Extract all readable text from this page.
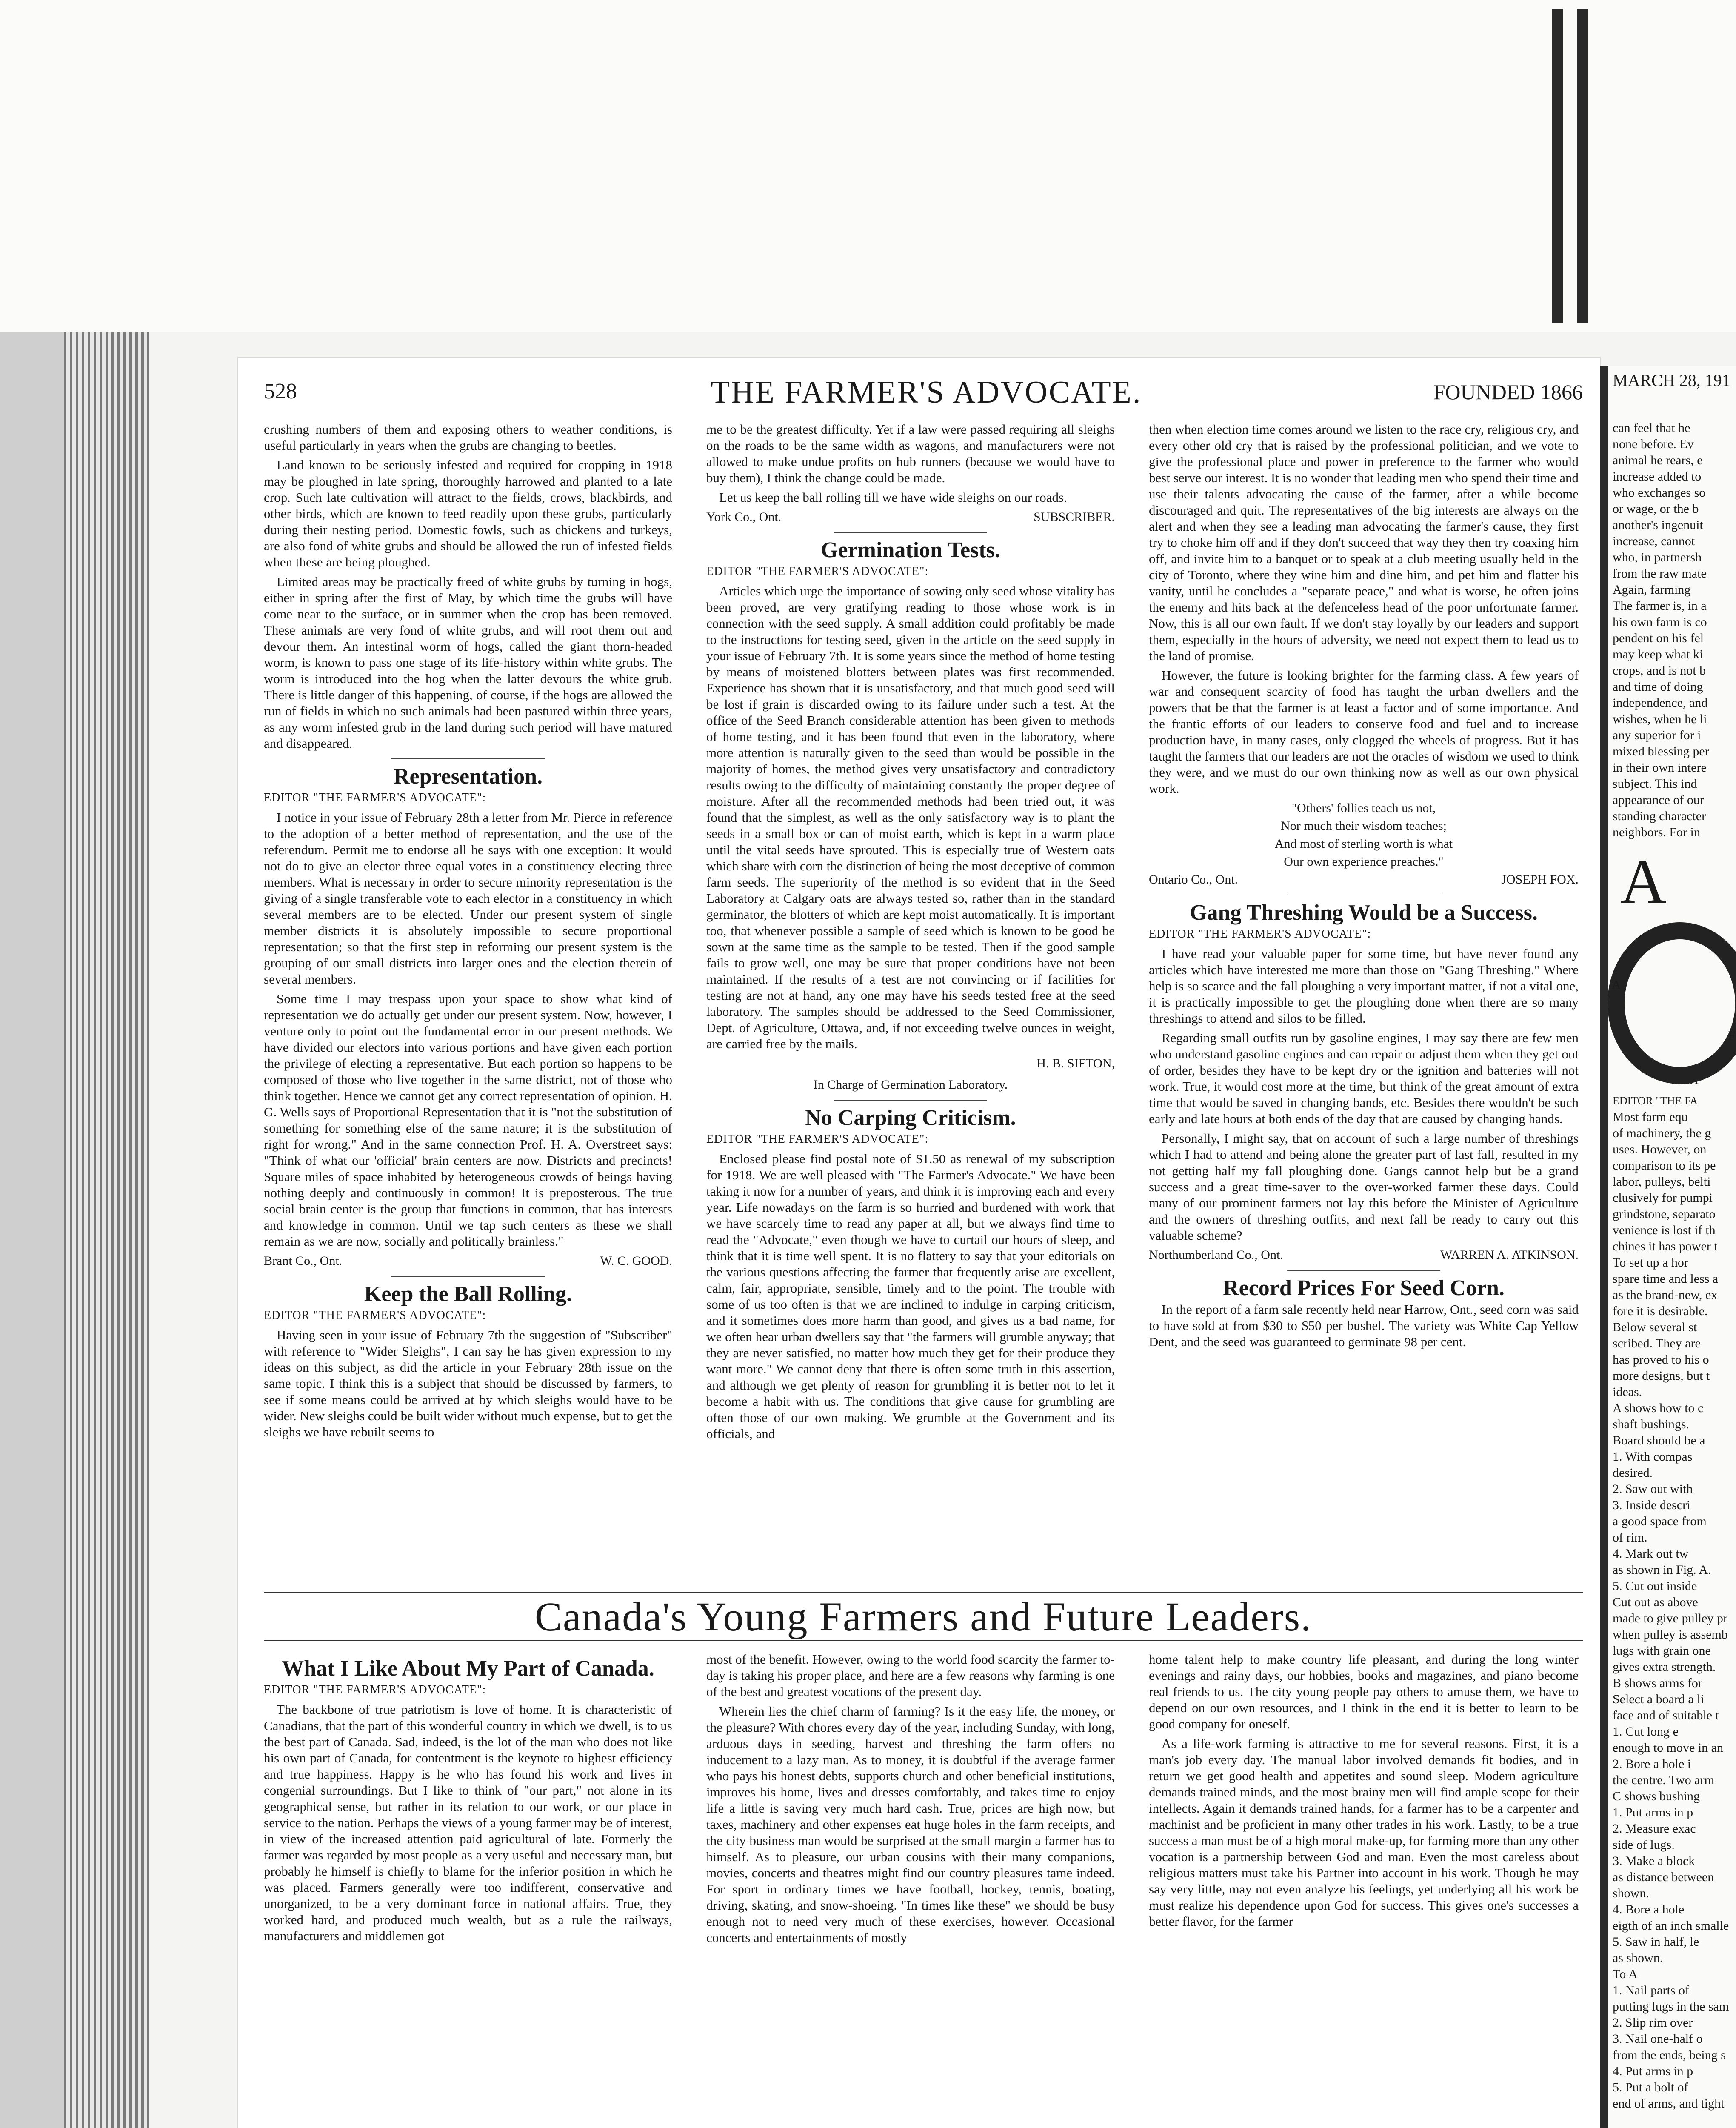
528	THE FARMER'S ADVOCATE.	FOUNDED 1866

crushing numbers of them and exposing others to weather conditions, is useful particularly in years when the grubs are changing to beetles.

Land known to be seriously infested and required for cropping in 1918 may be ploughed in late spring, thoroughly harrowed and planted to a late crop. Such late cultivation will attract to the fields, crows, blackbirds, and other birds, which are known to feed readily upon these grubs, particularly during their nesting period. Domestic fowls, such as chickens and turkeys, are also fond of white grubs and should be allowed the run of infested fields when these are being ploughed.

Limited areas may be practically freed of white grubs by turning in hogs, either in spring after the first of May, by which time the grubs will have come near to the surface, or in summer when the crop has been removed. These animals are very fond of white grubs, and will root them out and devour them. An intestinal worm of hogs, called the giant thorn-headed worm, is known to pass one stage of its life-history within white grubs. The worm is introduced into the hog when the latter devours the white grub. There is little danger of this happening, of course, if the hogs are allowed the run of fields in which no such animals had been pastured within three years, as any worm infested grub in the land during such period will have matured and disappeared.

Representation.
EDITOR "THE FARMER'S ADVOCATE":

I notice in your issue of February 28th a letter from Mr. Pierce in reference to the adoption of a better method of representation, and the use of the referendum. Permit me to endorse all he says with one exception: It would not do to give an elector three equal votes in a constituency electing three members. What is necessary in order to secure minority representation is the giving of a single transferable vote to each elector in a constituency in which several members are to be elected. Under our present system of single member districts it is absolutely impossible to secure proportional representation; so that the first step in reforming our present system is the grouping of our small districts into larger ones and the election therein of several members.

Some time I may trespass upon your space to show what kind of representation we do actually get under our present system. Now, however, I venture only to point out the fundamental error in our present methods. We have divided our electors into various portions and have given each portion the privilege of electing a representative. But each portion so happens to be composed of those who live together in the same district, not of those who think together. Hence we cannot get any correct representation of opinion. H. G. Wells says of Proportional Representation that it is "not the substitution of something for something else of the same nature; it is the substitution of right for wrong." And in the same connection Prof. H. A. Overstreet says: "Think of what our 'official' brain centers are now. Districts and precincts! Square miles of space inhabited by heterogeneous crowds of beings having nothing deeply and continuously in common! It is preposterous. The true social brain center is the group that functions in common, that has interests and knowledge in common. Until we tap such centers as these we shall remain as we are now, socially and politically brainless."

Brant Co., Ont.	W. C. GOOD.
Keep the Ball Rolling.
EDITOR "THE FARMER'S ADVOCATE":

Having seen in your issue of February 7th the suggestion of "Subscriber" with reference to "Wider Sleighs", I can say he has given expression to my ideas on this subject, as did the article in your February 28th issue on the same topic. I think this is a subject that should be discussed by farmers, to see if some means could be arrived at by which sleighs would have to be wider. New sleighs could be built wider without much expense, but to get the sleighs we have rebuilt seems to

me to be the greatest difficulty. Yet if a law were passed requiring all sleighs on the roads to be the same width as wagons, and manufacturers were not allowed to make undue profits on hub runners (because we would have to buy them), I think the change could be made.

Let us keep the ball rolling till we have wide sleighs on our roads.

York Co., Ont.	SUBSCRIBER.
Germination Tests.
EDITOR "THE FARMER'S ADVOCATE":

Articles which urge the importance of sowing only seed whose vitality has been proved, are very gratifying reading to those whose work is in connection with the seed supply. A small addition could profitably be made to the instructions for testing seed, given in the article on the seed supply in your issue of February 7th. It is some years since the method of home testing by means of moistened blotters between plates was first recommended. Experience has shown that it is unsatisfactory, and that much good seed will be lost if grain is discarded owing to its failure under such a test. At the office of the Seed Branch considerable attention has been given to methods of home testing, and it has been found that even in the laboratory, where more attention is naturally given to the seed than would be possible in the majority of homes, the method gives very unsatisfactory and contradictory results owing to the difficulty of maintaining constantly the proper degree of moisture. After all the recommended methods had been tried out, it was found that the simplest, as well as the only satisfactory way is to plant the seeds in a small box or can of moist earth, which is kept in a warm place until the vital seeds have sprouted. This is especially true of Western oats which share with corn the distinction of being the most deceptive of common farm seeds. The superiority of the method is so evident that in the Seed Laboratory at Calgary oats are always tested so, rather than in the standard germinator, the blotters of which are kept moist automatically. It is important too, that whenever possible a sample of seed which is known to be good be sown at the same time as the sample to be tested. Then if the good sample fails to grow well, one may be sure that proper conditions have not been maintained. If the results of a test are not convincing or if facilities for testing are not at hand, any one may have his seeds tested free at the seed laboratory. The samples should be addressed to the Seed Commissioner, Dept. of Agriculture, Ottawa, and, if not exceeding twelve ounces in weight, are carried free by the mails.

H. B. SIFTON,
In Charge of Germination Laboratory.
No Carping Criticism.
EDITOR "THE FARMER'S ADVOCATE":

Enclosed please find postal note of $1.50 as renewal of my subscription for 1918. We are well pleased with "The Farmer's Advocate." We have been taking it now for a number of years, and think it is improving each and every year. Life nowadays on the farm is so hurried and burdened with work that we have scarcely time to read any paper at all, but we always find time to read the "Advocate," even though we have to curtail our hours of sleep, and think that it is time well spent. It is no flattery to say that your editorials on the various questions affecting the farmer that frequently arise are excellent, calm, fair, appropriate, sensible, timely and to the point. The trouble with some of us too often is that we are inclined to indulge in carping criticism, and it sometimes does more harm than good, and gives us a bad name, for we often hear urban dwellers say that "the farmers will grumble anyway; that they are never satisfied, no matter how much they get for their produce they want more." We cannot deny that there is often some truth in this assertion, and although we get plenty of reason for grumbling it is better not to let it become a habit with us. The conditions that give cause for grumbling are often those of our own making. We grumble at the Government and its officials, and

then when election time comes around we listen to the race cry, religious cry, and every other old cry that is raised by the professional politician, and we vote to give the professional place and power in preference to the farmer who would best serve our interest. It is no wonder that leading men who spend their time and use their talents advocating the cause of the farmer, after a while become discouraged and quit. The representatives of the big interests are always on the alert and when they see a leading man advocating the farmer's cause, they first try to choke him off and if they don't succeed that way they then try coaxing him off, and invite him to a banquet or to speak at a club meeting usually held in the city of Toronto, where they wine him and dine him, and pet him and flatter his vanity, until he concludes a "separate peace," and what is worse, he often joins the enemy and hits back at the defenceless head of the poor unfortunate farmer. Now, this is all our own fault. If we don't stay loyally by our leaders and support them, especially in the hours of adversity, we need not expect them to lead us to the land of promise.

However, the future is looking brighter for the farming class. A few years of war and consequent scarcity of food has taught the urban dwellers and the powers that be that the farmer is at least a factor and of some importance. And the frantic efforts of our leaders to conserve food and fuel and to increase production have, in many cases, only clogged the wheels of progress. But it has taught the farmers that our leaders are not the oracles of wisdom we used to think they were, and we must do our own thinking now as well as our own physical work.

"Others' follies teach us not,
Nor much their wisdom teaches;
And most of sterling worth is what
Our own experience preaches."
Ontario Co., Ont.	JOSEPH FOX.
Gang Threshing Would be a Success.
EDITOR "THE FARMER'S ADVOCATE":

I have read your valuable paper for some time, but have never found any articles which have interested me more than those on "Gang Threshing." Where help is so scarce and the fall ploughing a very important matter, if not a vital one, it is practically impossible to get the ploughing done when there are so many threshings to attend and silos to be filled.

Regarding small outfits run by gasoline engines, I may say there are few men who understand gasoline engines and can repair or adjust them when they get out of order, besides they have to be kept dry or the ignition and batteries will not work. True, it would cost more at the time, but think of the great amount of extra time that would be saved in changing bands, etc. Besides there wouldn't be such early and late hours at both ends of the day that are caused by changing hands.

Personally, I might say, that on account of such a large number of threshings which I had to attend and being alone the greater part of last fall, resulted in my not getting half my fall ploughing done. Gangs cannot help but be a grand success and a great time-saver to the over-worked farmer these days. Could many of our prominent farmers not lay this before the Minister of Agriculture and the owners of threshing outfits, and next fall be ready to carry out this valuable scheme?

Northumberland Co., Ont.	WARREN A. ATKINSON.
Record Prices For Seed Corn.

In the report of a farm sale recently held near Harrow, Ont., seed corn was said to have sold at from $30 to $50 per bushel. The variety was White Cap Yellow Dent, and the seed was guaranteed to germinate 98 per cent.

Canada's Young Farmers and Future Leaders.
What I Like About My Part of Canada.
EDITOR "THE FARMER'S ADVOCATE":

The backbone of true patriotism is love of home. It is characteristic of Canadians, that the part of this wonderful country in which we dwell, is to us the best part of Canada. Sad, indeed, is the lot of the man who does not like his own part of Canada, for contentment is the keynote to highest efficiency and true happiness. Happy is he who has found his work and lives in congenial surroundings. But I like to think of "our part," not alone in its geographical sense, but rather in its relation to our work, or our place in service to the nation. Perhaps the views of a young farmer may be of interest, in view of the increased attention paid agricultural of late. Formerly the farmer was regarded by most people as a very useful and necessary man, but probably he himself is chiefly to blame for the inferior position in which he was placed. Farmers generally were too indifferent, conservative and unorganized, to be a very dominant force in national affairs. True, they worked hard, and produced much wealth, but as a rule the railways, manufacturers and middlemen got

most of the benefit. However, owing to the world food scarcity the farmer to-day is taking his proper place, and here are a few reasons why farming is one of the best and greatest vocations of the present day.

Wherein lies the chief charm of farming? Is it the easy life, the money, or the pleasure? With chores every day of the year, including Sunday, with long, arduous days in seeding, harvest and threshing the farm offers no inducement to a lazy man. As to money, it is doubtful if the average farmer who pays his honest debts, supports church and other beneficial institutions, improves his home, lives and dresses comfortably, and takes time to enjoy life a little is saving very much hard cash. True, prices are high now, but taxes, machinery and other expenses eat huge holes in the farm receipts, and the city business man would be surprised at the small margin a farmer has to himself. As to pleasure, our urban cousins with their many companions, movies, concerts and theatres might find our country pleasures tame indeed. For sport in ordinary times we have football, hockey, tennis, boating, driving, skating, and snow-shoeing. "In times like these" we should be busy enough not to need very much of these exercises, however. Occasional concerts and entertainments of mostly

home talent help to make country life pleasant, and during the long winter evenings and rainy days, our hobbies, books and magazines, and piano become real friends to us. The city young people pay others to amuse them, we have to depend on our own resources, and I think in the end it is better to learn to be good company for oneself.

As a life-work farming is attractive to me for several reasons. First, it is a man's job every day. The manual labor involved demands fit bodies, and in return we get good health and appetites and sound sleep. Modern agriculture demands trained minds, and the most brainy men will find ample scope for their intellects. Again it demands trained hands, for a farmer has to be a carpenter and machinist and be proficient in many other trades in his work. Lastly, to be a true success a man must be of a high moral make-up, for farming more than any other vocation is a partnership between God and man. Even the most careless about religious matters must take his Partner into account in his work. Though he may say very little, may not even analyze his feelings, yet underlying all his work be must realize his dependence upon God for success. This gives one's successes a better flavor, for the farmer

MARCH 28, 191
can feel that he
none before. Ev
animal he rears, e
increase added to
who exchanges so
or wage, or the b
another's ingenuit
increase, cannot
who, in partnersh
from the raw mate
Again, farming
The farmer is, in a
his own farm is co
pendent on his fel
may keep what ki
crops, and is not b
and time of doing
independence, and
wishes, when he li
any superior for i
mixed blessing per
in their own intere
subject. This ind
appearance of our
standing character
neighbors. For in
A
A
F
Hor
EDITOR "THE FA
Most farm equ
of machinery, the g
uses. However, on
comparison to its pe
labor, pulleys, belti
clusively for pumpi
grindstone, separato
venience is lost if th
chines it has power t
To set up a hor
spare time and less a
as the brand-new, ex
fore it is desirable.
Below several st
scribed. They are
has proved to his o
more designs, but t
ideas.
A shows how to c
shaft bushings.
Board should be a
1. With compas
desired.
2. Saw out with
3. Inside descri
a good space from
of rim.
4. Mark out tw
as shown in Fig. A.
5. Cut out inside
Cut out as above
made to give pulley pr
when pulley is assemb
lugs with grain one
gives extra strength.
B shows arms for
Select a board a li
face and of suitable t
1. Cut long e
enough to move in an
2. Bore a hole i
the centre. Two arm
C shows bushing
1. Put arms in p
2. Measure exac
side of lugs.
3. Make a block
as distance between
shown.
4. Bore a hole
eigth of an inch smalle
5. Saw in half, le
as shown.
To A
1. Nail parts of
putting lugs in the sam
2. Slip rim over
3. Nail one-half o
from the ends, being s
4. Put arms in p
5. Put a bolt of
end of arms, and tight
